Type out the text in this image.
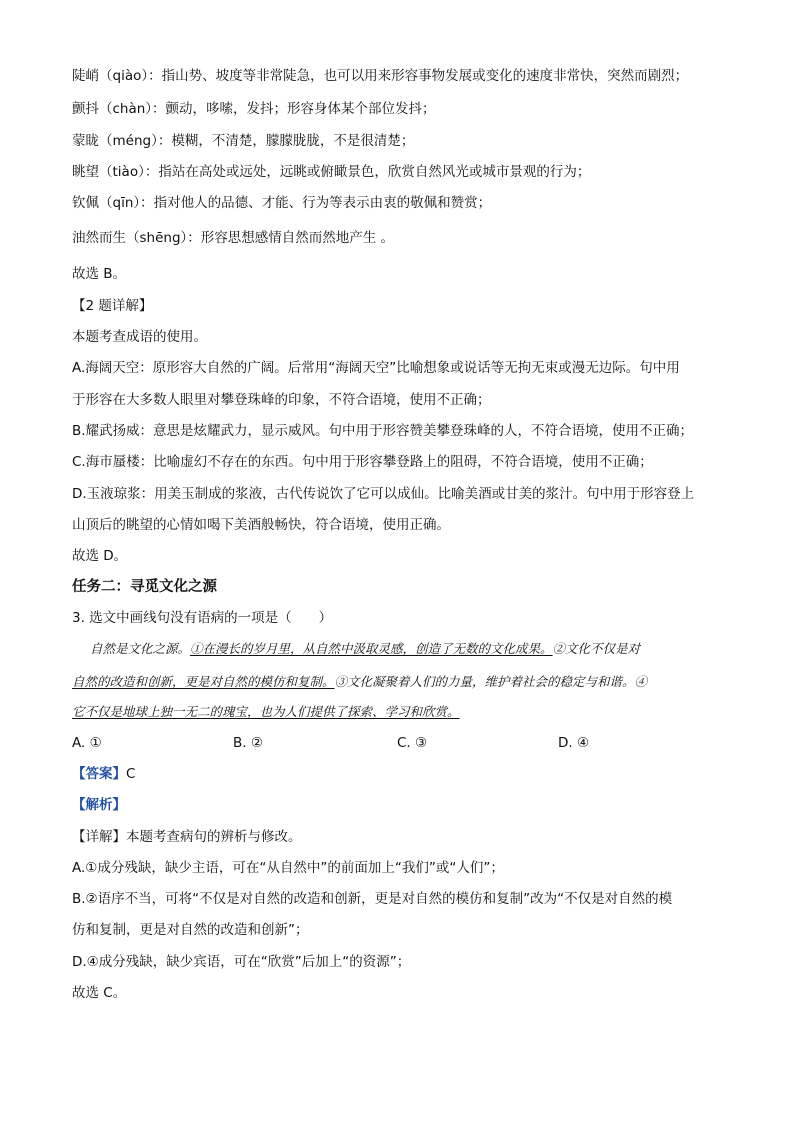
陡峭（qiào）：指山势、坡度等非常陡急，也可以用来形容事物发展或变化的速度非常快，突然而剧烈；
颤抖（chàn）：颤动，哆嗦，发抖；形容身体某个部位发抖；
蒙眬（méng）：模糊，不清楚，朦朦胧胧，不是很清楚；
眺望（tiào）：指站在高处或远处，远眺或俯瞰景色，欣赏自然风光或城市景观的行为；
钦佩（qīn）：指对他人的品德、才能、行为等表示由衷的敬佩和赞赏；
油然而生（shēng）：形容思想感情自然而然地产生 。
故选 B。
【2 题详解】
本题考查成语的使用。
A.海阔天空：原形容大自然的广阔。后常用“海阔天空”比喻想象或说话等无拘无束或漫无边际。句中用
于形容在大多数人眼里对攀登珠峰的印象，不符合语境，使用不正确；
B.耀武扬威：意思是炫耀武力，显示威风。句中用于形容赞美攀登珠峰的人，不符合语境，使用不正确；
C.海市蜃楼：比喻虚幻不存在的东西。句中用于形容攀登路上的阻碍，不符合语境，使用不正确；
D.玉液琼浆：用美玉制成的浆液，古代传说饮了它可以成仙。比喻美酒或甘美的浆汁。句中用于形容登上
山顶后的眺望的心情如喝下美酒般畅快，符合语境，使用正确。
故选 D。
任务二：寻觅文化之源
3. 选文中画线句没有语病的一项是（　　）
自然是文化之源。①在漫长的岁月里，从自然中汲取灵感，创造了无数的文化成果。②文化不仅是对
自然的改造和创新，更是对自然的模仿和复制。③文化凝聚着人们的力量，维护着社会的稳定与和谐。④
它不仅是地球上独一无二的瑰宝，也为人们提供了探索、学习和欣赏。
A. ①	B. ②	C. ③	D. ④
【答案】C
【解析】
【详解】本题考查病句的辨析与修改。
A.①成分残缺，缺少主语，可在“从自然中”的前面加上“我们”或“人们”；
B.②语序不当，可将“不仅是对自然的改造和创新，更是对自然的模仿和复制”改为“不仅是对自然的模
仿和复制，更是对自然的改造和创新”；
D.④成分残缺，缺少宾语，可在“欣赏”后加上“的资源”；
故选 C。
